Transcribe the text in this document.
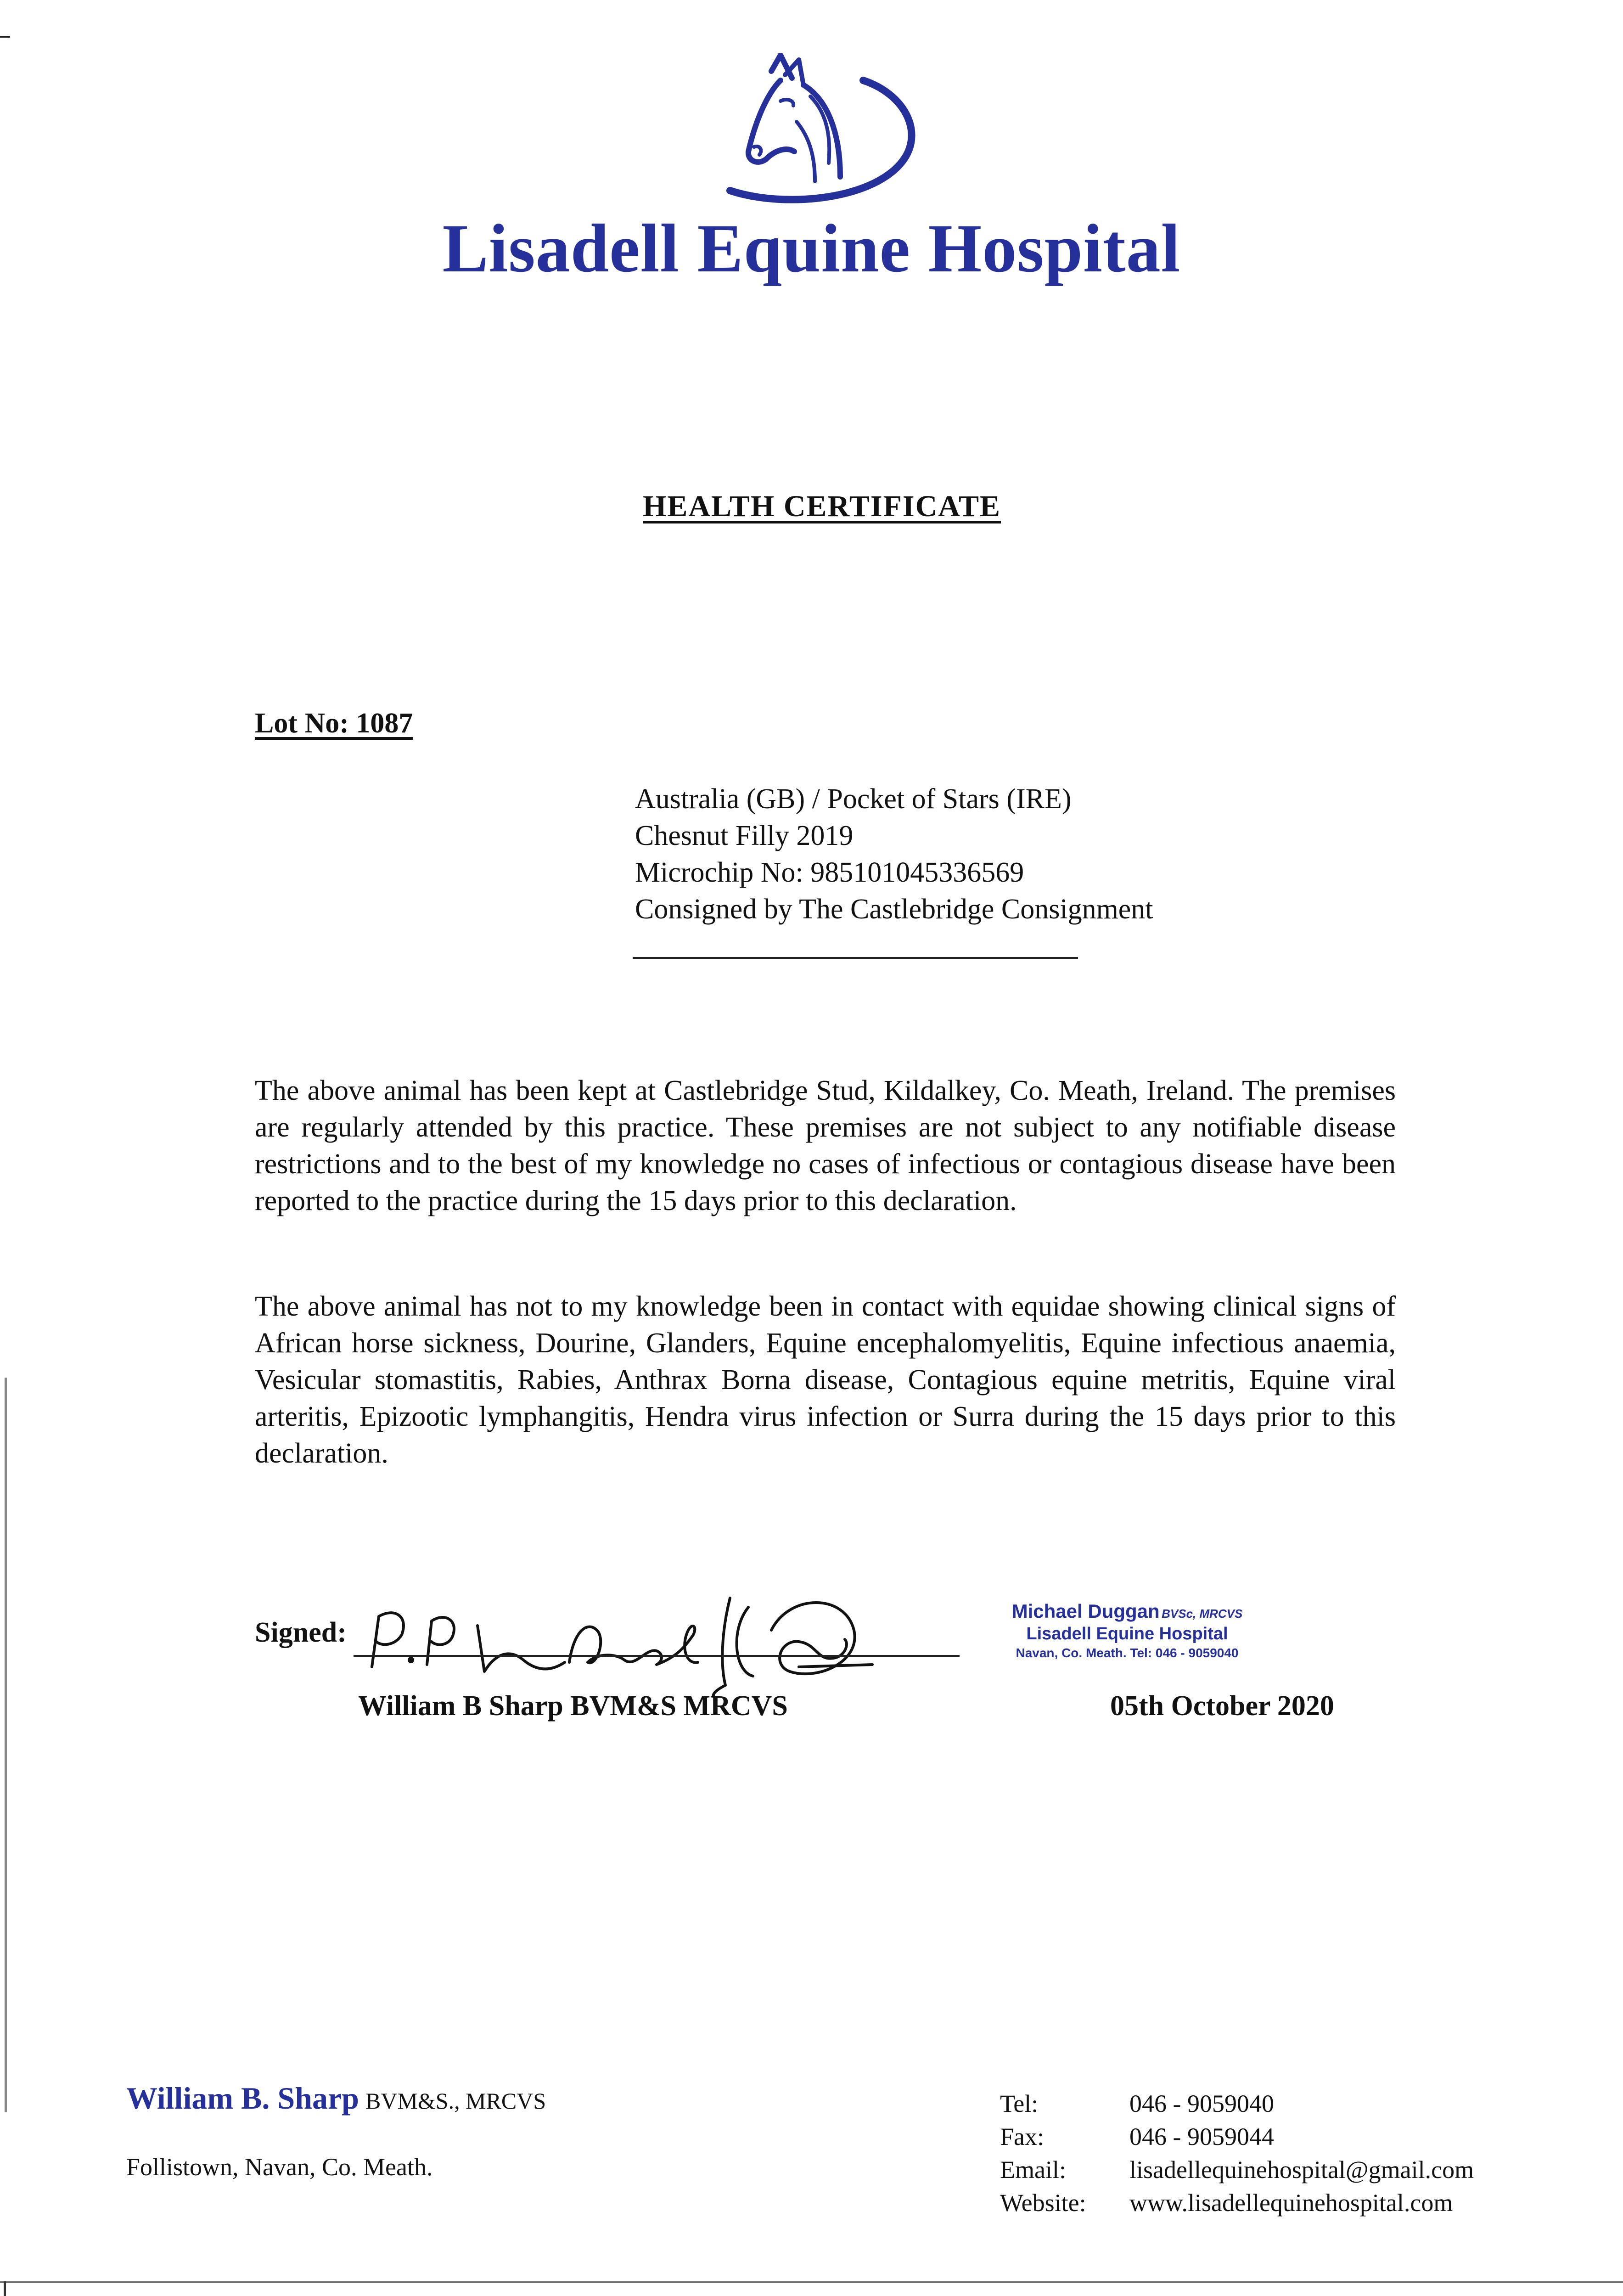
Lisadell Equine Hospital
HEALTH CERTIFICATE
Lot No: 1087
Australia (GB) / Pocket of Stars (IRE)
Chesnut Filly 2019
Microchip No: 985101045336569
Consigned by The Castlebridge Consignment
The above animal has been kept at Castlebridge Stud, Kildalkey, Co. Meath, Ireland. The premises are regularly attended by this practice. These premises are not subject to any notifiable disease restrictions and to the best of my knowledge no cases of infectious or contagious disease have been reported to the practice during the 15 days prior to this declaration.
The above animal has not to my knowledge been in contact with equidae showing clinical signs of African horse sickness, Dourine, Glanders, Equine encephalomyelitis, Equine infectious anaemia, Vesicular stomastitis, Rabies, Anthrax Borna disease, Contagious equine metritis, Equine viral arteritis, Epizootic lymphangitis, Hendra virus infection or Surra during the 15 days prior to this declaration.
Signed:
Michael Duggan BVSc, MRCVS
Lisadell Equine Hospital
Navan, Co. Meath. Tel: 046 - 9059040
William B Sharp BVM&S MRCVS	05th October 2020
William B. Sharp BVM&S., MRCVS
Follistown, Navan, Co. Meath.
Tel:	046 - 9059040
Fax:	046 - 9059044
Email:	lisadellequinehospital@gmail.com
Website: www.lisadellequinehospital.com
